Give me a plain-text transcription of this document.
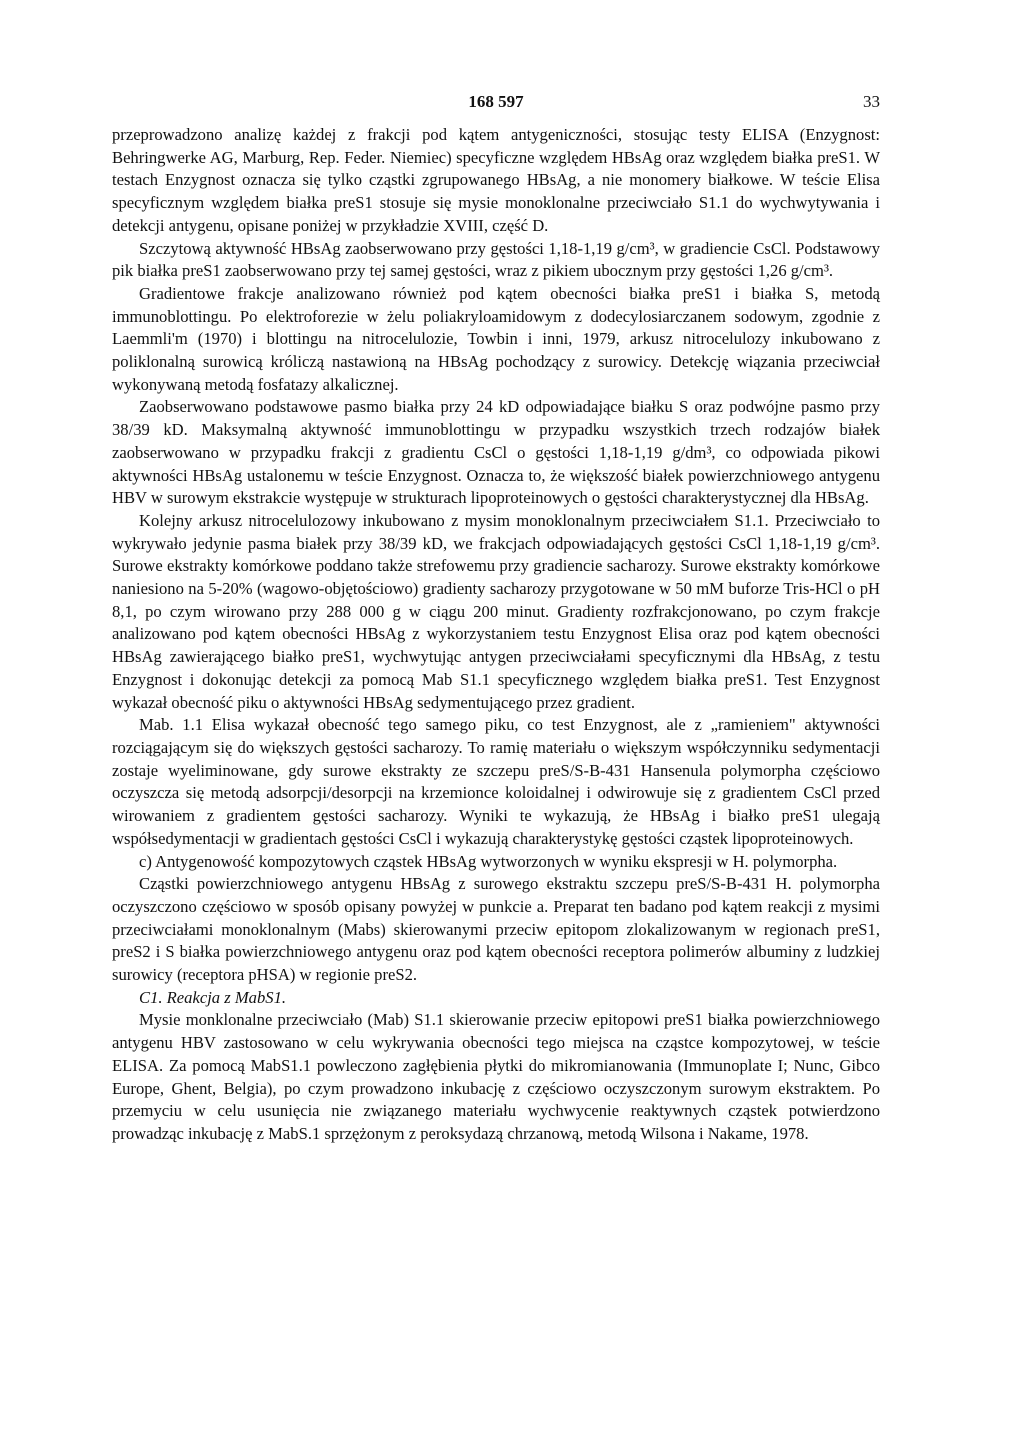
168 597	33

przeprowadzono analizę każdej z frakcji pod kątem antygeniczności, stosując testy ELISA (Enzygnost: Behringwerke AG, Marburg, Rep. Feder. Niemiec) specyficzne względem HBsAg oraz względem białka preS1. W testach Enzygnost oznacza się tylko cząstki zgrupowanego HBsAg, a nie monomery białkowe. W teście Elisa specyficznym względem białka preS1 stosuje się mysie monoklonalne przeciwciało S1.1 do wychwytywania i detekcji antygenu, opisane poniżej w przykładzie XVIII, część D.

Szczytową aktywność HBsAg zaobserwowano przy gęstości 1,18-1,19 g/cm³, w gradiencie CsCl. Podstawowy pik białka preS1 zaobserwowano przy tej samej gęstości, wraz z pikiem ubocznym przy gęstości 1,26 g/cm³.

Gradientowe frakcje analizowano również pod kątem obecności białka preS1 i białka S, metodą immunoblottingu. Po elektroforezie w żelu poliakryloamidowym z dodecylosiarczanem sodowym, zgodnie z Laemmli'm (1970) i blottingu na nitrocelulozie, Towbin i inni, 1979, arkusz nitrocelulozy inkubowano z poliklonalną surowicą króliczą nastawioną na HBsAg pochodzący z surowicy. Detekcję wiązania przeciwciał wykonywaną metodą fosfatazy alkalicznej.

Zaobserwowano podstawowe pasmo białka przy 24 kD odpowiadające białku S oraz podwójne pasmo przy 38/39 kD. Maksymalną aktywność immunoblottingu w przypadku wszystkich trzech rodzajów białek zaobserwowano w przypadku frakcji z gradientu CsCl o gęstości 1,18-1,19 g/dm³, co odpowiada pikowi aktywności HBsAg ustalonemu w teście Enzygnost. Oznacza to, że większość białek powierzchniowego antygenu HBV w surowym ekstrakcie występuje w strukturach lipoproteinowych o gęstości charakterystycznej dla HBsAg.

Kolejny arkusz nitrocelulozowy inkubowano z mysim monoklonalnym przeciwciałem S1.1. Przeciwciało to wykrywało jedynie pasma białek przy 38/39 kD, we frakcjach odpowiadających gęstości CsCl 1,18-1,19 g/cm³. Surowe ekstrakty komórkowe poddano także strefowemu przy gradiencie sacharozy. Surowe ekstrakty komórkowe naniesiono na 5-20% (wagowo-objętościowo) gradienty sacharozy przygotowane w 50 mM buforze Tris-HCl o pH 8,1, po czym wirowano przy 288 000 g w ciągu 200 minut. Gradienty rozfrakcjonowano, po czym frakcje analizowano pod kątem obecności HBsAg z wykorzystaniem testu Enzygnost Elisa oraz pod kątem obecności HBsAg zawierającego białko preS1, wychwytując antygen przeciwciałami specyficznymi dla HBsAg, z testu Enzygnost i dokonując detekcji za pomocą Mab S1.1 specyficznego względem białka preS1. Test Enzygnost wykazał obecność piku o aktywności HBsAg sedymentującego przez gradient.

Mab. 1.1 Elisa wykazał obecność tego samego piku, co test Enzygnost, ale z „ramieniem" aktywności rozciągającym się do większych gęstości sacharozy. To ramię materiału o większym współczynniku sedymentacji zostaje wyeliminowane, gdy surowe ekstrakty ze szczepu preS/S-B-431 Hansenula polymorpha częściowo oczyszcza się metodą adsorpcji/desorpcji na krzemionce koloidalnej i odwirowuje się z gradientem CsCl przed wirowaniem z gradientem gęstości sacharozy. Wyniki te wykazują, że HBsAg i białko preS1 ulegają współsedymentacji w gradientach gęstości CsCl i wykazują charakterystykę gęstości cząstek lipoproteinowych.

c) Antygenowość kompozytowych cząstek HBsAg wytworzonych w wyniku ekspresji w H. polymorpha.

Cząstki powierzchniowego antygenu HBsAg z surowego ekstraktu szczepu preS/S-B-431 H. polymorpha oczyszczono częściowo w sposób opisany powyżej w punkcie a. Preparat ten badano pod kątem reakcji z mysimi przeciwciałami monoklonalnym (Mabs) skierowanymi przeciw epitopom zlokalizowanym w regionach preS1, preS2 i S białka powierzchniowego antygenu oraz pod kątem obecności receptora polimerów albuminy z ludzkiej surowicy (receptora pHSA) w regionie preS2.

C1. Reakcja z MabS1.

Mysie monklonalne przeciwciało (Mab) S1.1 skierowanie przeciw epitopowi preS1 białka powierzchniowego antygenu HBV zastosowano w celu wykrywania obecności tego miejsca na cząstce kompozytowej, w teście ELISA. Za pomocą MabS1.1 powleczono zagłębienia płytki do mikromianowania (Immunoplate I; Nunc, Gibco Europe, Ghent, Belgia), po czym prowadzono inkubację z częściowo oczyszczonym surowym ekstraktem. Po przemyciu w celu usunięcia nie związanego materiału wychwycenie reaktywnych cząstek potwierdzono prowadząc inkubację z MabS.1 sprzężonym z peroksydazą chrzanową, metodą Wilsona i Nakame, 1978.
